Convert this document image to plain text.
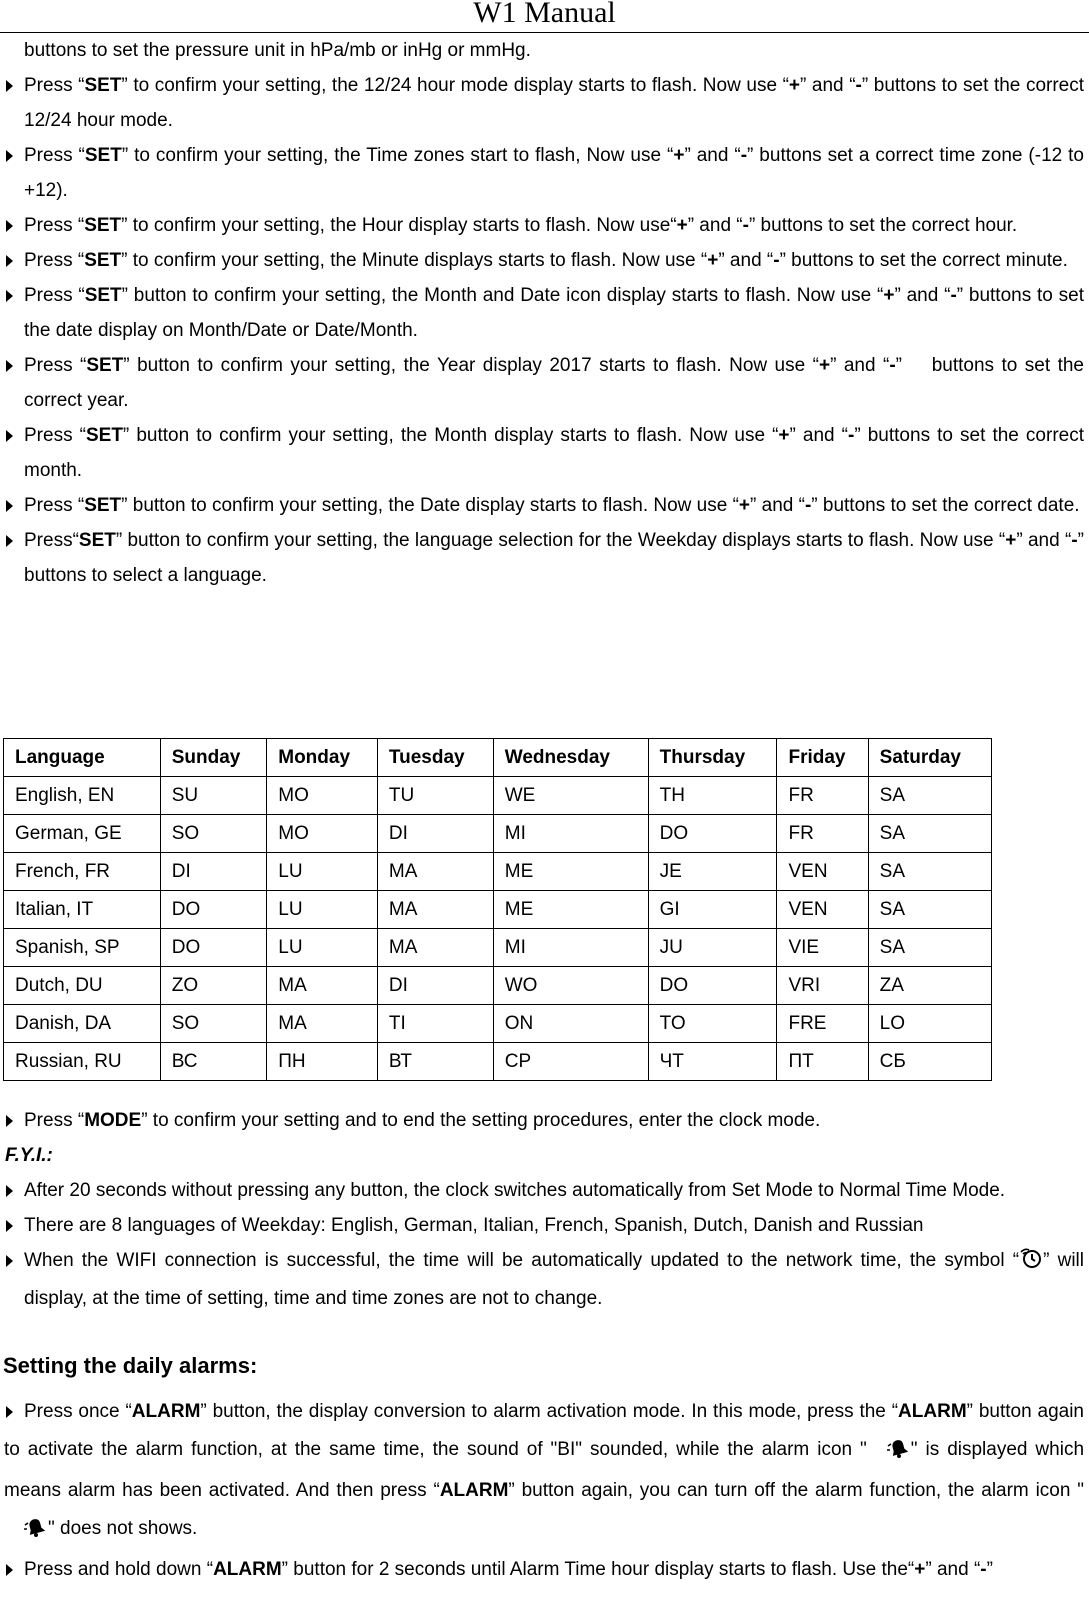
W1 Manual
buttons to set the pressure unit in hPa/mb or inHg or mmHg.
Press “SET” to confirm your setting, the 12/24 hour mode display starts to flash. Now use “+” and “-” buttons to set the correct 12/24 hour mode.
Press “SET” to confirm your setting, the Time zones start to flash, Now use “+” and “-” buttons set a correct time zone (-12 to +12).
Press “SET” to confirm your setting, the Hour display starts to flash. Now use“+” and “-” buttons to set the correct hour.
Press “SET” to confirm your setting, the Minute displays starts to flash. Now use “+” and “-” buttons to set the correct minute.
Press “SET” button to confirm your setting, the Month and Date icon display starts to flash. Now use “+” and “-” buttons to set the date display on Month/Date or Date/Month.
Press “SET” button to confirm your setting, the Year display 2017 starts to flash. Now use “+” and “-”    buttons to set the correct year.
Press “SET” button to confirm your setting, the Month display starts to flash. Now use “+” and “-” buttons to set the correct month.
Press “SET” button to confirm your setting, the Date display starts to flash. Now use “+” and “-” buttons to set the correct date.
Press“SET” button to confirm your setting, the language selection for the Weekday displays starts to flash. Now use “+” and “-” buttons to select a language.
Language	Sunday	Monday	Tuesday	Wednesday	Thursday	Friday	Saturday
English, EN	SU	MO	TU	WE	TH	FR	SA
German, GE	SO	MO	DI	MI	DO	FR	SA
French, FR	DI	LU	MA	ME	JE	VEN	SA
Italian, IT	DO	LU	MA	ME	GI	VEN	SA
Spanish, SP	DO	LU	MA	MI	JU	VIE	SA
Dutch, DU	ZO	MA	DI	WO	DO	VRI	ZA
Danish, DA	SO	MA	TI	ON	TO	FRE	LO
Russian, RU	ВС	ПН	ВТ	СР	ЧТ	ПТ	СБ
Press “MODE” to confirm your setting and to end the setting procedures, enter the clock mode.
F.Y.I.:
After 20 seconds without pressing any button, the clock switches automatically from Set Mode to Normal Time Mode.
There are 8 languages of Weekday: English, German, Italian, French, Spanish, Dutch, Danish and Russian
When the WIFI connection is successful, the time will be automatically updated to the network time, the symbol “ ” will display, at the time of setting, time and time zones are not to change.
Setting the daily alarms:
Press once “ALARM” button, the display conversion to alarm activation mode. In this mode, press the “ALARM” button again to activate the alarm function, at the same time, the sound of "BI" sounded, while the alarm icon " " is displayed which means alarm has been activated. And then press “ALARM” button again, you can turn off the alarm function, the alarm icon "" does not shows.
Press and hold down “ALARM” button for 2 seconds until Alarm Time hour display starts to flash. Use the“+” and “-”
